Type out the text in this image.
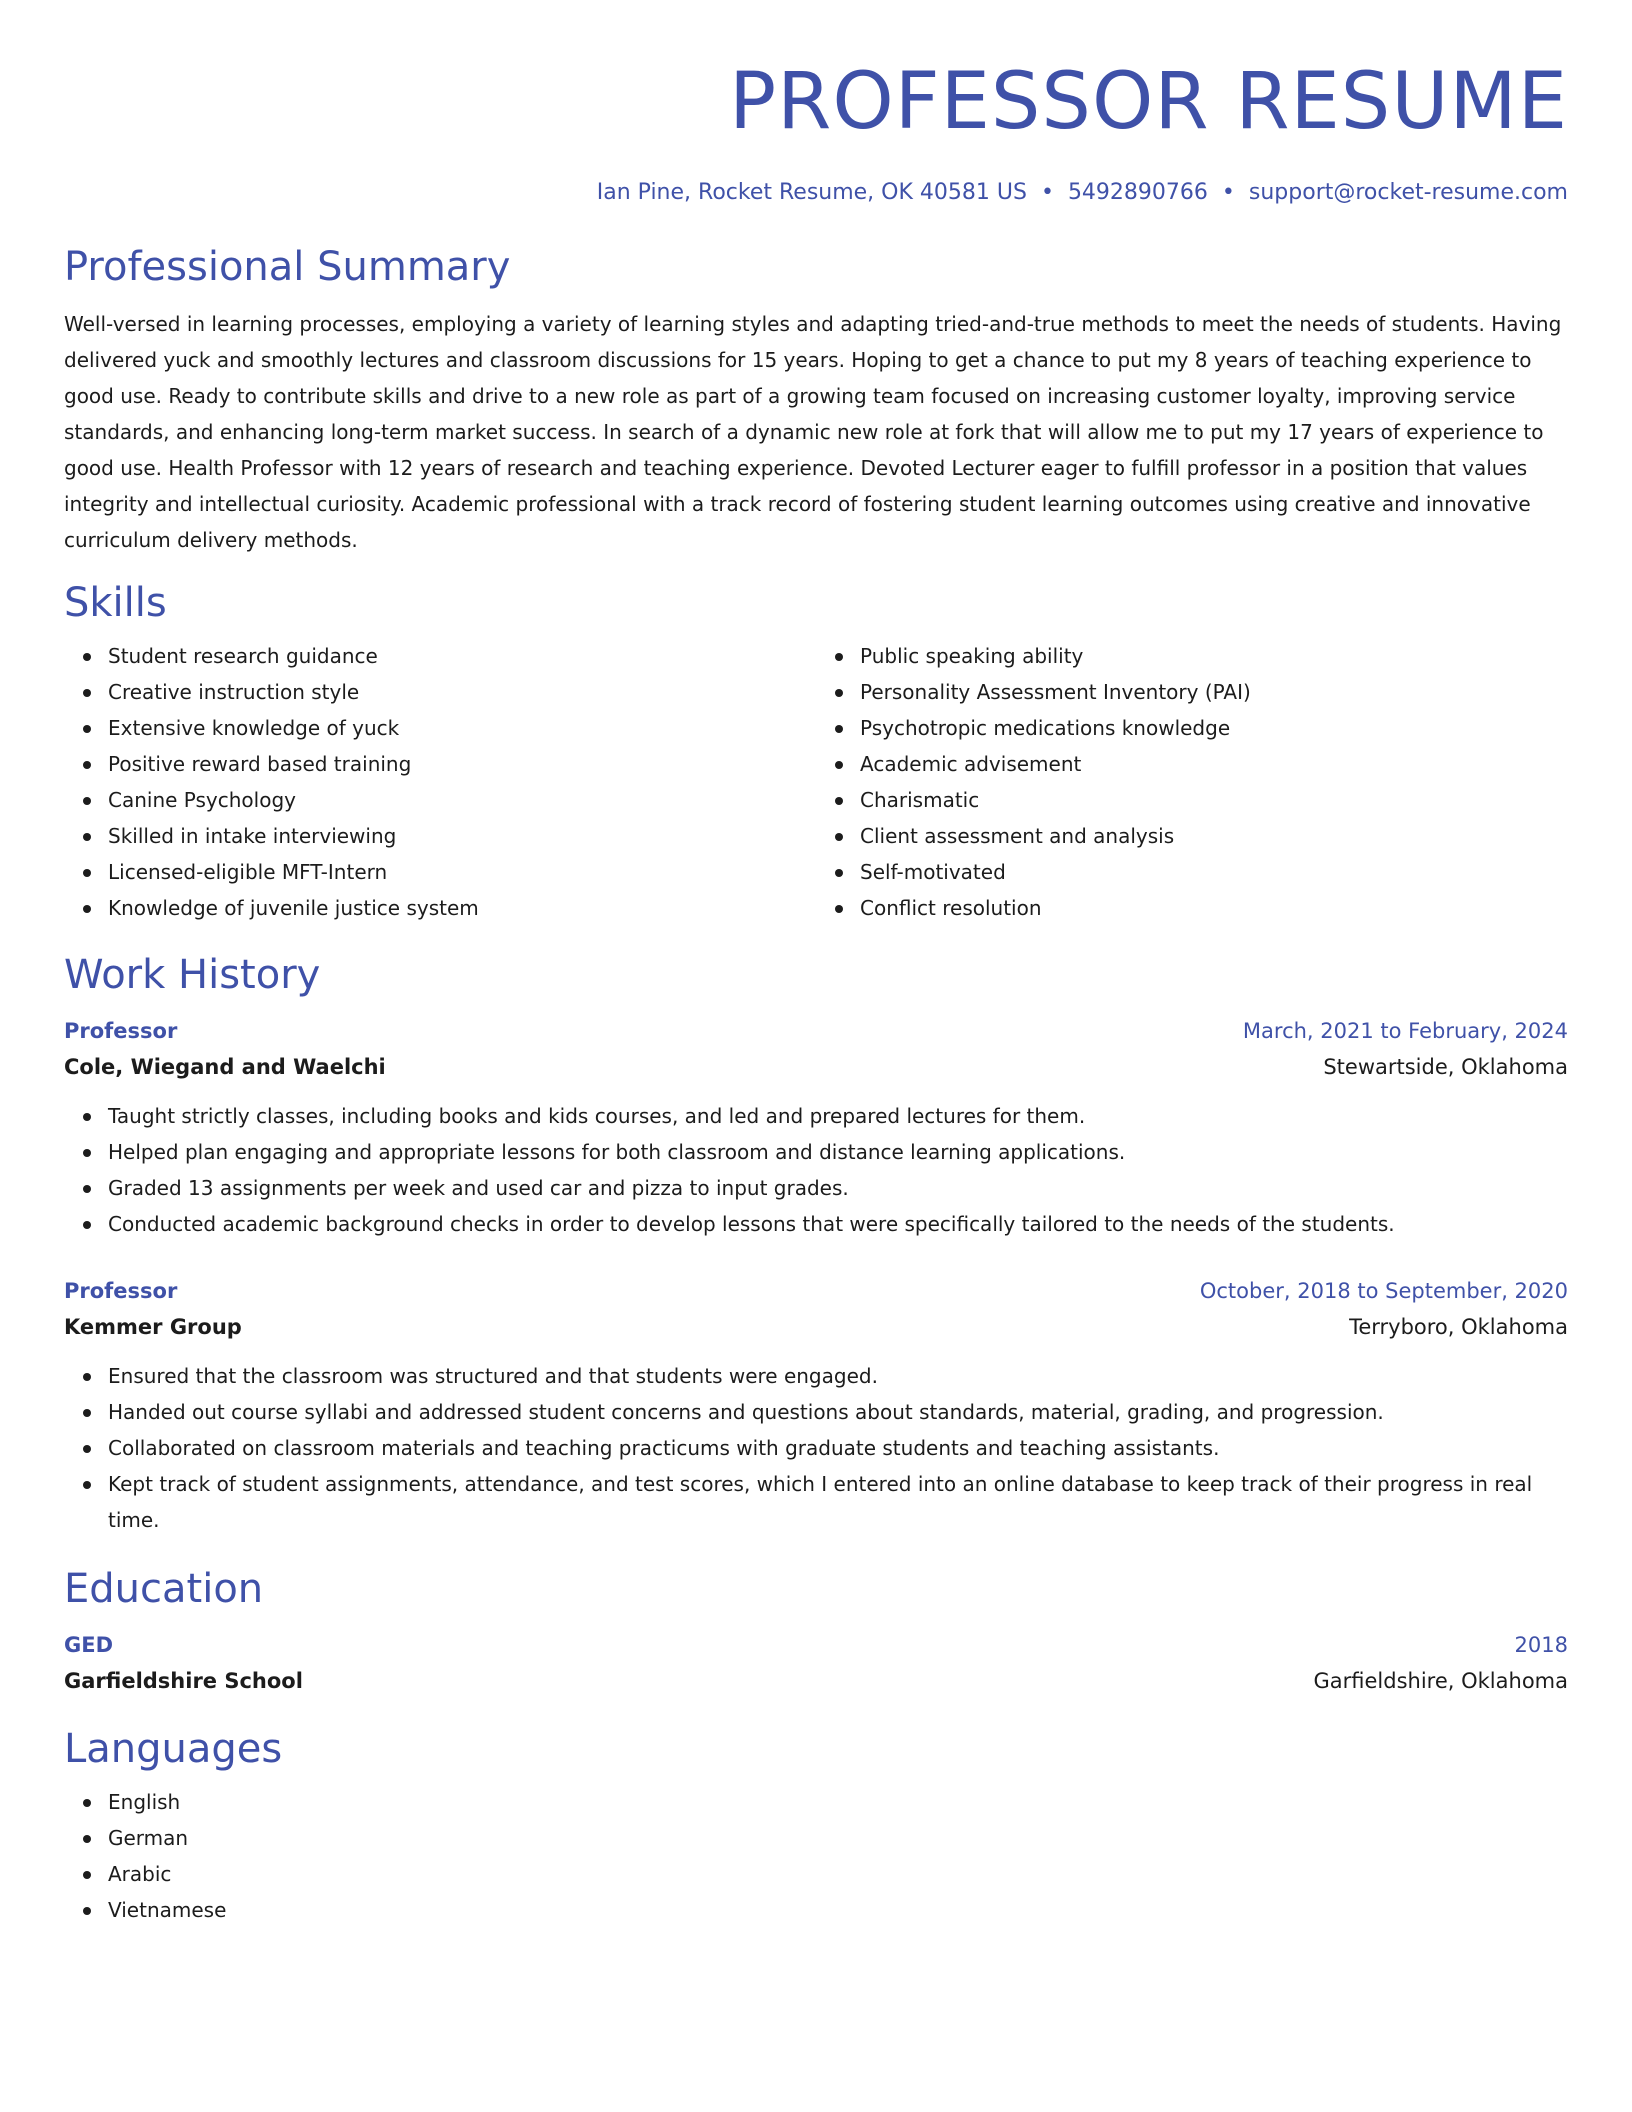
PROFESSOR RESUME
Ian Pine, Rocket Resume, OK 40581 US • 5492890766 • support@rocket-resume.com
Professional Summary

Well-versed in learning processes, employing a variety of learning styles and adapting tried-and-true methods to meet the needs of students. Having delivered yuck and smoothly lectures and classroom discussions for 15 years. Hoping to get a chance to put my 8 years of teaching experience to good use. Ready to contribute skills and drive to a new role as part of a growing team focused on increasing customer loyalty, improving service standards, and enhancing long-term market success. In search of a dynamic new role at fork that will allow me to put my 17 years of experience to good use. Health Professor with 12 years of research and teaching experience. Devoted Lecturer eager to fulfill professor in a position that values integrity and intellectual curiosity. Academic professional with a track record of fostering student learning outcomes using creative and innovative curriculum delivery methods.

Skills
Student research guidance
Creative instruction style
Extensive knowledge of yuck
Positive reward based training
Canine Psychology
Skilled in intake interviewing
Licensed-eligible MFT-Intern
Knowledge of juvenile justice system
Public speaking ability
Personality Assessment Inventory (PAI)
Psychotropic medications knowledge
Academic advisement
Charismatic
Client assessment and analysis
Self-motivated
Conflict resolution
Work History
Professor	March, 2021 to February, 2024
Cole, Wiegand and Waelchi	Stewartside, Oklahoma
Taught strictly classes, including books and kids courses, and led and prepared lectures for them.
Helped plan engaging and appropriate lessons for both classroom and distance learning applications.
Graded 13 assignments per week and used car and pizza to input grades.
Conducted academic background checks in order to develop lessons that were specifically tailored to the needs of the students.
Professor	October, 2018 to September, 2020
Kemmer Group	Terryboro, Oklahoma
Ensured that the classroom was structured and that students were engaged.
Handed out course syllabi and addressed student concerns and questions about standards, material, grading, and progression.
Collaborated on classroom materials and teaching practicums with graduate students and teaching assistants.
Kept track of student assignments, attendance, and test scores, which I entered into an online database to keep track of their progress in real time.
Education
GED	2018
Garfieldshire School	Garfieldshire, Oklahoma
Languages
English
German
Arabic
Vietnamese
